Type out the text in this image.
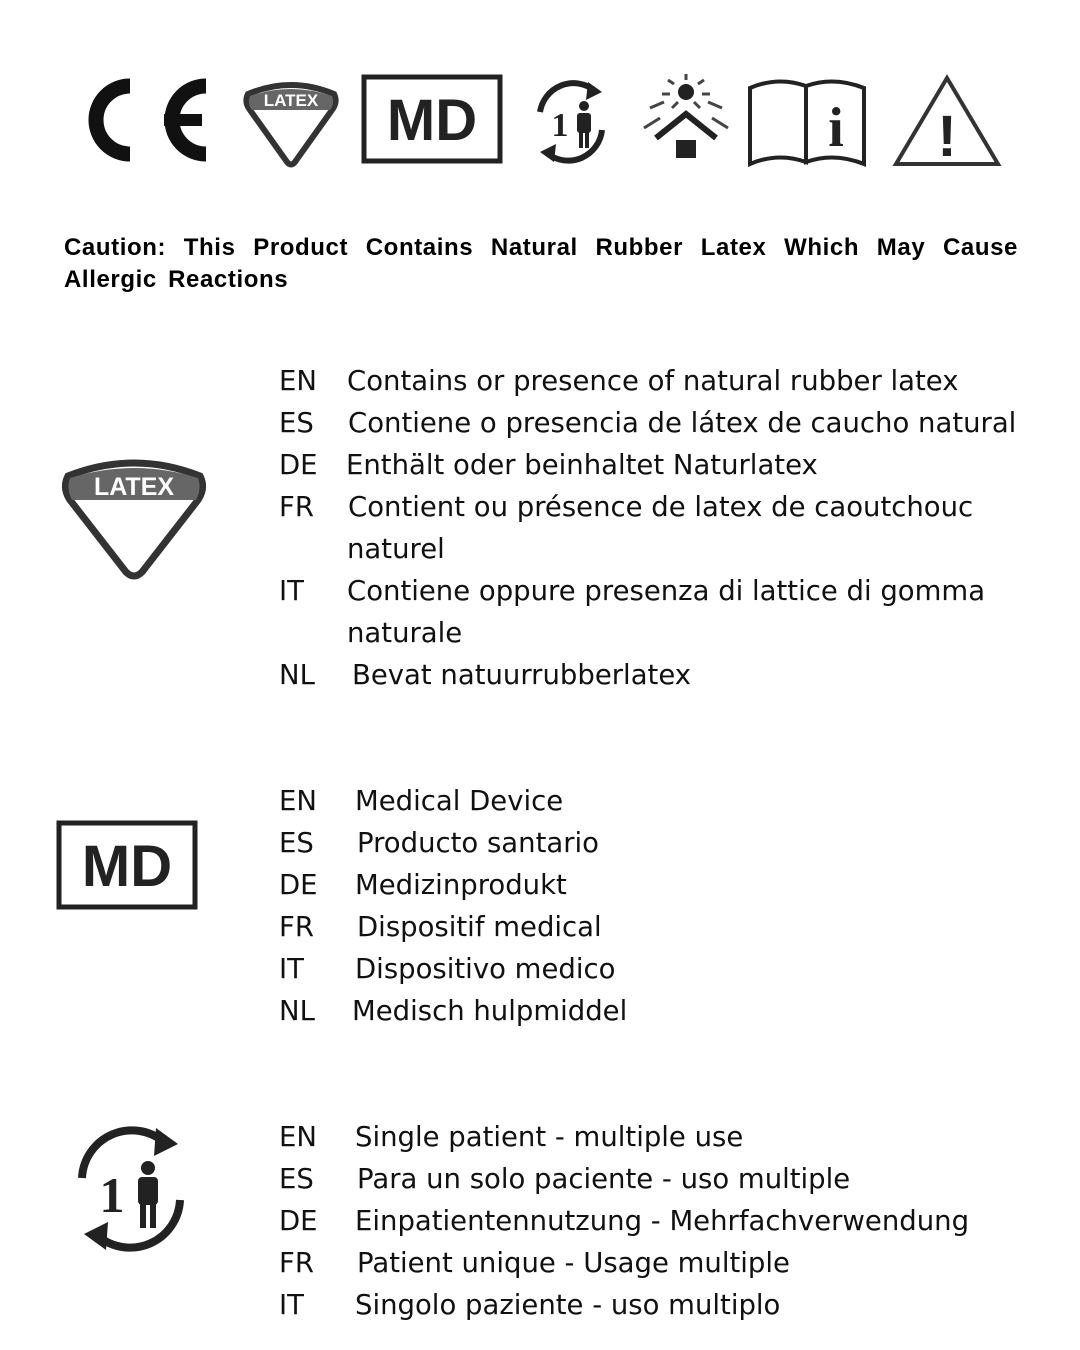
LATEX MD 1	i !
Caution: This Product Contains Natural Rubber Latex Which May Cause Allergic Reactions
LATEX
EN	Contains or presence of natural rubber latex
ES	Contiene o presencia de látex de caucho natural
DE	Enthält oder beinhaltet Naturlatex
FR	Contient ou présence de latex de caoutchouc
naturel
IT	Contiene oppure presenza di lattice di gomma
naturale
NL	Bevat natuurrubberlatex
MD
EN	Medical Device
ES	Producto santario
DE	Medizinprodukt
FR	Dispositif medical
IT	Dispositivo medico
NL	Medisch hulpmiddel
1
EN	Single patient - multiple use
ES	Para un solo paciente - uso multiple
DE	Einpatientennutzung - Mehrfachverwendung
FR	Patient unique - Usage multiple
IT	Singolo paziente - uso multiplo
